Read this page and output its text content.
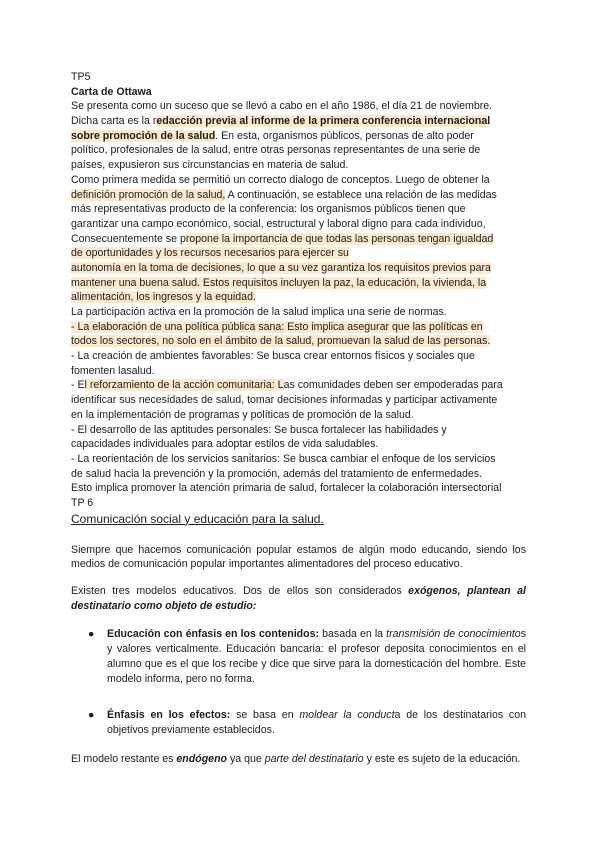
TP5
Carta de Ottawa
Se presenta como un suceso que se llevó a cabo en el año 1986, el día 21 de noviembre.
Dicha carta es la redacción previa al informe de la primera conferencia internacional
sobre promoción de la salud. En esta, organismos públicos, personas de alto poder
político, profesionales de la salud, entre otras personas representantes de una serie de
países, expusieron sus circunstancias en materia de salud.
Como primera medida se permitió un correcto dialogo de conceptos. Luego de obtener la
definición promoción de la salud, A continuación, se establece una relación de las medidas
más representativas producto de la conferencia: los organismos públicos tienen que
garantizar una campo económico, social, estructural y laboral digno para cada individuo,
Consecuentemente se propone la importancia de que todas las personas tengan igualdad
de oportunidades y los recursos necesarios para ejercer su
autonomía en la toma de decisiones, lo que a su vez garantiza los requisitos previos para
mantener una buena salud. Estos requisitos incluyen la paz, la educación, la vivienda, la
alimentación, los ingresos y la equidad.
La participación activa en la promoción de la salud implica una serie de normas.
- La elaboración de una política pública sana: Esto implica asegurar que las políticas en
todos los sectores, no solo en el ámbito de la salud, promuevan la salud de las personas.
- La creación de ambientes favorables: Se busca crear entornos físicos y sociales que
fomenten lasalud.
- El reforzamiento de la acción comunitaria: Las comunidades deben ser empoderadas para
identificar sus necesidades de salud, tomar decisiones informadas y participar activamente
en la implementación de programas y políticas de promoción de la salud.
- El desarrollo de las aptitudes personales: Se busca fortalecer las habilidades y
capacidades individuales para adoptar estilos de vida saludables.
- La reorientación de los servicios sanitarios: Se busca cambiar el enfoque de los servicios
de salud hacia la prevención y la promoción, además del tratamiento de enfermedades.
Esto implica promover la atención primaria de salud, fortalecer la colaboración intersectorial
TP 6
Comunicación social y educación para la salud.
Siempre que hacemos comunicación popular estamos de algún modo educando, siendo los medios de comunicación popular importantes alimentadores del proceso educativo.
Existen tres modelos educativos. Dos de ellos son considerados exógenos, plantean al destinatario como objeto de estudio:
● Educación con énfasis en los contenidos: basada en la transmisión de conocimientos y valores verticalmente. Educación bancaria: el profesor deposita conocimientos en el alumno que es el que los recibe y dice que sirve para la domesticación del hombre. Este modelo informa, pero no forma.

● Énfasis en los efectos: se basa en moldear la conducta de los destinatarios con objetivos previamente establecidos.

El modelo restante es endógeno ya que parte del destinatario y este es sujeto de la educación.
